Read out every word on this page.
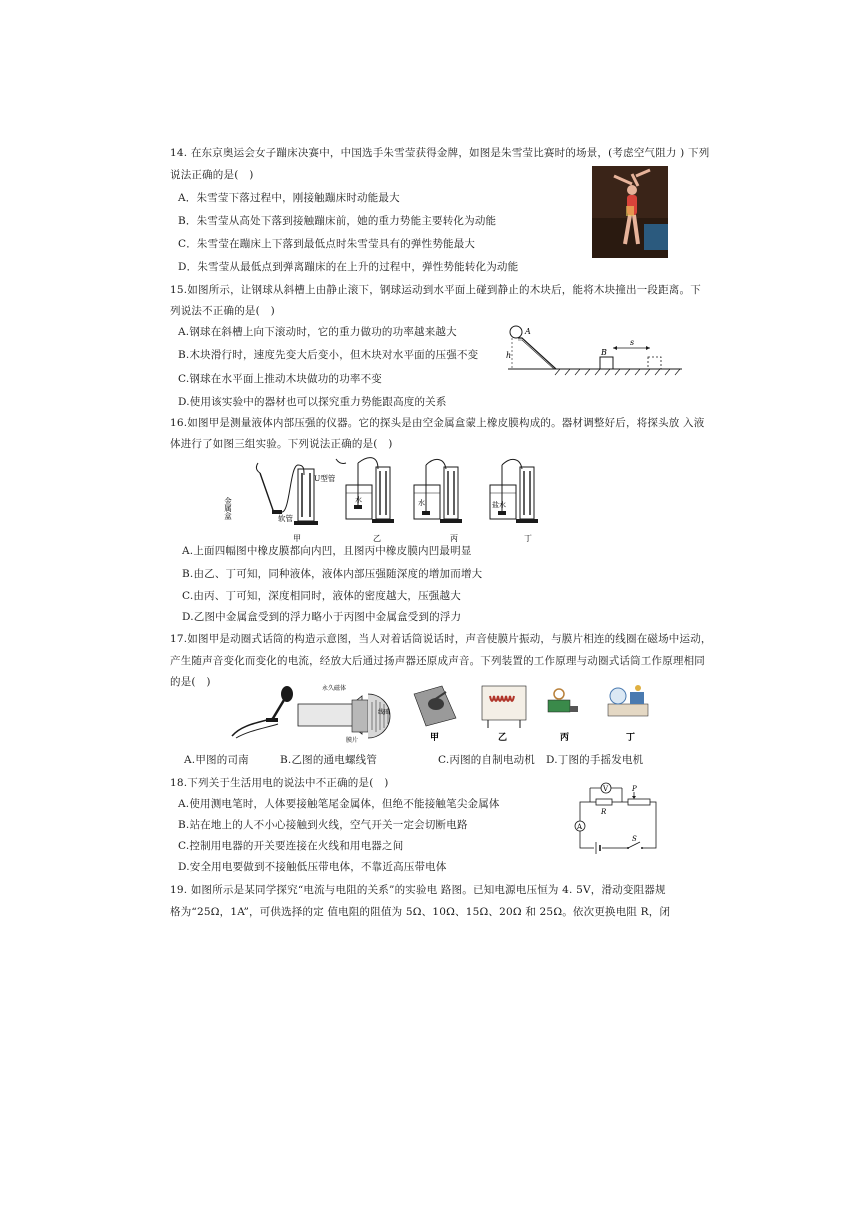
14. 在东京奥运会女子蹦床决赛中，中国选手朱雪莹获得金牌，如图是朱雪莹比赛时的场景，(考虑空气阻力 ) 下列
说法正确的是(　)
A．朱雪莹下落过程中，刚接触蹦床时动能最大
B．朱雪莹从高处下落到接触蹦床前，她的重力势能主要转化为动能
C．朱雪莹在蹦床上下落到最低点时朱雪莹具有的弹性势能最大
D．朱雪莹从最低点到弹离蹦床的在上升的过程中，弹性势能转化为动能
15.如图所示，让钢球从斜槽上由静止滚下，钢球运动到水平面上碰到静止的木块后，能将木块撞出一段距离。下
列说法不正确的是(　)
A.钢球在斜槽上向下滚动时，它的重力做功的功率越来越大
B.木块滑行时，速度先变大后变小，但木块对水平面的压强不变
C.钢球在水平面上推动木块做功的功率不变
D.使用该实验中的器材也可以探究重力势能跟高度的关系
h
A
B
s
16.如图甲是测量液体内部压强的仪器。它的探头是由空金属盒蒙上橡皮膜构成的。器材调整好后，将探头放 入液
体进行了如图三组实验。下列说法正确的是(　)
金属盒
U型管
软管
甲
水
乙
水
丙
盐水
丁
A.上面四幅图中橡皮膜都向内凹，且图丙中橡皮膜内凹最明显
B.由乙、丁可知，同种液体，液体内部压强随深度的增加而增大
C.由丙、丁可知，深度相同时，液体的密度越大，压强越大
D.乙图中金属盒受到的浮力略小于丙图中金属盒受到的浮力
17.如图甲是动圈式话筒的构造示意图，当人对着话筒说话时，声音使膜片振动，与膜片相连的线圈在磁场中运动，
产生随声音变化而变化的电流，经放大后通过扬声器还原成声音。下列装置的工作原理与动圈式话筒工作原理相同
的是(　)
永久磁体
线圈
膜片	甲	乙	丙	丁
A.甲图的司南	B.乙图的通电螺线管	C.丙图的自制电动机 D.丁图的手摇发电机
18.下列关于生活用电的说法中不正确的是(　)
A.使用测电笔时，人体要接触笔尾金属体，但绝不能接触笔尖金属体
B.站在地上的人不小心接触到火线，空气开关一定会切断电路
C.控制用电器的开关要连接在火线和用电器之间
D.安全用电要做到不接触低压带电体，不靠近高压带电体
V
R
P
A
S
19. 如图所示是某同学探究“电流与电阻的关系”的实验电 路图。已知电源电压恒为 4. 5V，滑动变阻器规
格为“25Ω，1A”，可供选择的定 值电阻的阻值为 5Ω、10Ω、15Ω、20Ω 和 25Ω。依次更换电阻 R，闭
